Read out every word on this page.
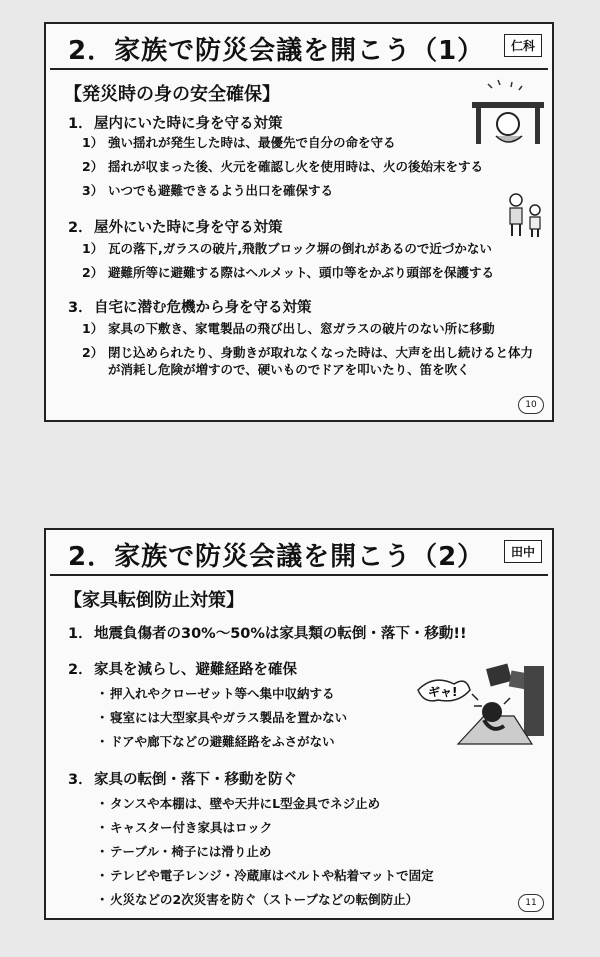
2．家族で防災会議を開こう（1）	仁科
【発災時の身の安全確保】
1．屋内にいた時に身を守る対策
1） 強い揺れが発生した時は、最優先で自分の命を守る
2） 揺れが収まった後、火元を確認し火を使用時は、火の後始末をする
3） いつでも避難できるよう出口を確保する
2．屋外にいた時に身を守る対策
1） 瓦の落下,ガラスの破片,飛散ブロック塀の倒れがあるので近づかない
2） 避難所等に避難する際はヘルメット、頭巾等をかぶり頭部を保護する
3．自宅に潜む危機から身を守る対策
1） 家具の下敷き、家電製品の飛び出し、窓ガラスの破片のない所に移動
2） 閉じ込められたり、身動きが取れなくなった時は、大声を出し続けると体力が消耗し危険が増すので、硬いものでドアを叩いたり、笛を吹く
10
2．家族で防災会議を開こう（2）	田中
【家具転倒防止対策】
1．地震負傷者の30%～50%は家具類の転倒・落下・移動!!
2．家具を減らし、避難経路を確保
・押入れやクローゼット等へ集中収納する
・寝室には大型家具やガラス製品を置かない
・ドアや廊下などの避難経路をふさがない
3．家具の転倒・落下・移動を防ぐ
・タンスや本棚は、壁や天井にL型金具でネジ止め
・キャスター付き家具はロック
・テーブル・椅子には滑り止め
・テレビや電子レンジ・冷蔵庫はベルトや粘着マットで固定
・火災などの2次災害を防ぐ（ストーブなどの転倒防止）
ギャ!
11
